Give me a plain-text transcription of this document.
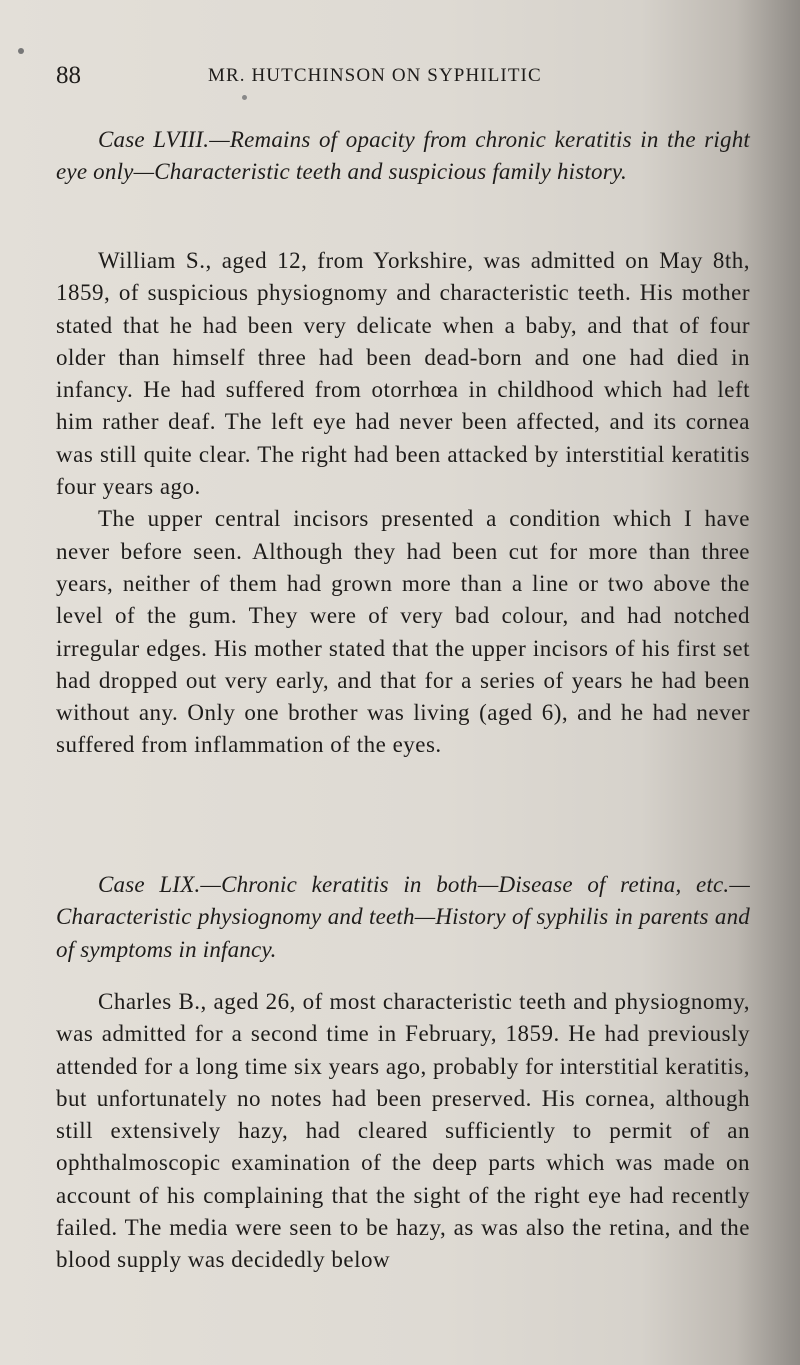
88	MR. HUTCHINSON ON SYPHILITIC

Case LVIII.—Remains of opacity from chronic keratitis in the right eye only—Characteristic teeth and suspicious family history.

William S., aged 12, from Yorkshire, was admitted on May 8th, 1859, of suspicious physiognomy and characteristic teeth. His mother stated that he had been very delicate when a baby, and that of four older than himself three had been dead-born and one had died in infancy. He had suffered from otorrhœa in childhood which had left him rather deaf. The left eye had never been affected, and its cornea was still quite clear. The right had been attacked by interstitial keratitis four years ago.

The upper central incisors presented a condition which I have never before seen. Although they had been cut for more than three years, neither of them had grown more than a line or two above the level of the gum. They were of very bad colour, and had notched irregular edges. His mother stated that the upper incisors of his first set had dropped out very early, and that for a series of years he had been without any. Only one brother was living (aged 6), and he had never suffered from inflammation of the eyes.

Case LIX.—Chronic keratitis in both—Disease of retina, etc.— Characteristic physiognomy and teeth—History of syphilis in parents and of symptoms in infancy.

Charles B., aged 26, of most characteristic teeth and physiognomy, was admitted for a second time in February, 1859. He had previously attended for a long time six years ago, probably for interstitial keratitis, but unfortunately no notes had been preserved. His cornea, although still extensively hazy, had cleared sufficiently to permit of an ophthalmoscopic examination of the deep parts which was made on account of his complaining that the sight of the right eye had recently failed. The media were seen to be hazy, as was also the retina, and the blood supply was decidedly below
